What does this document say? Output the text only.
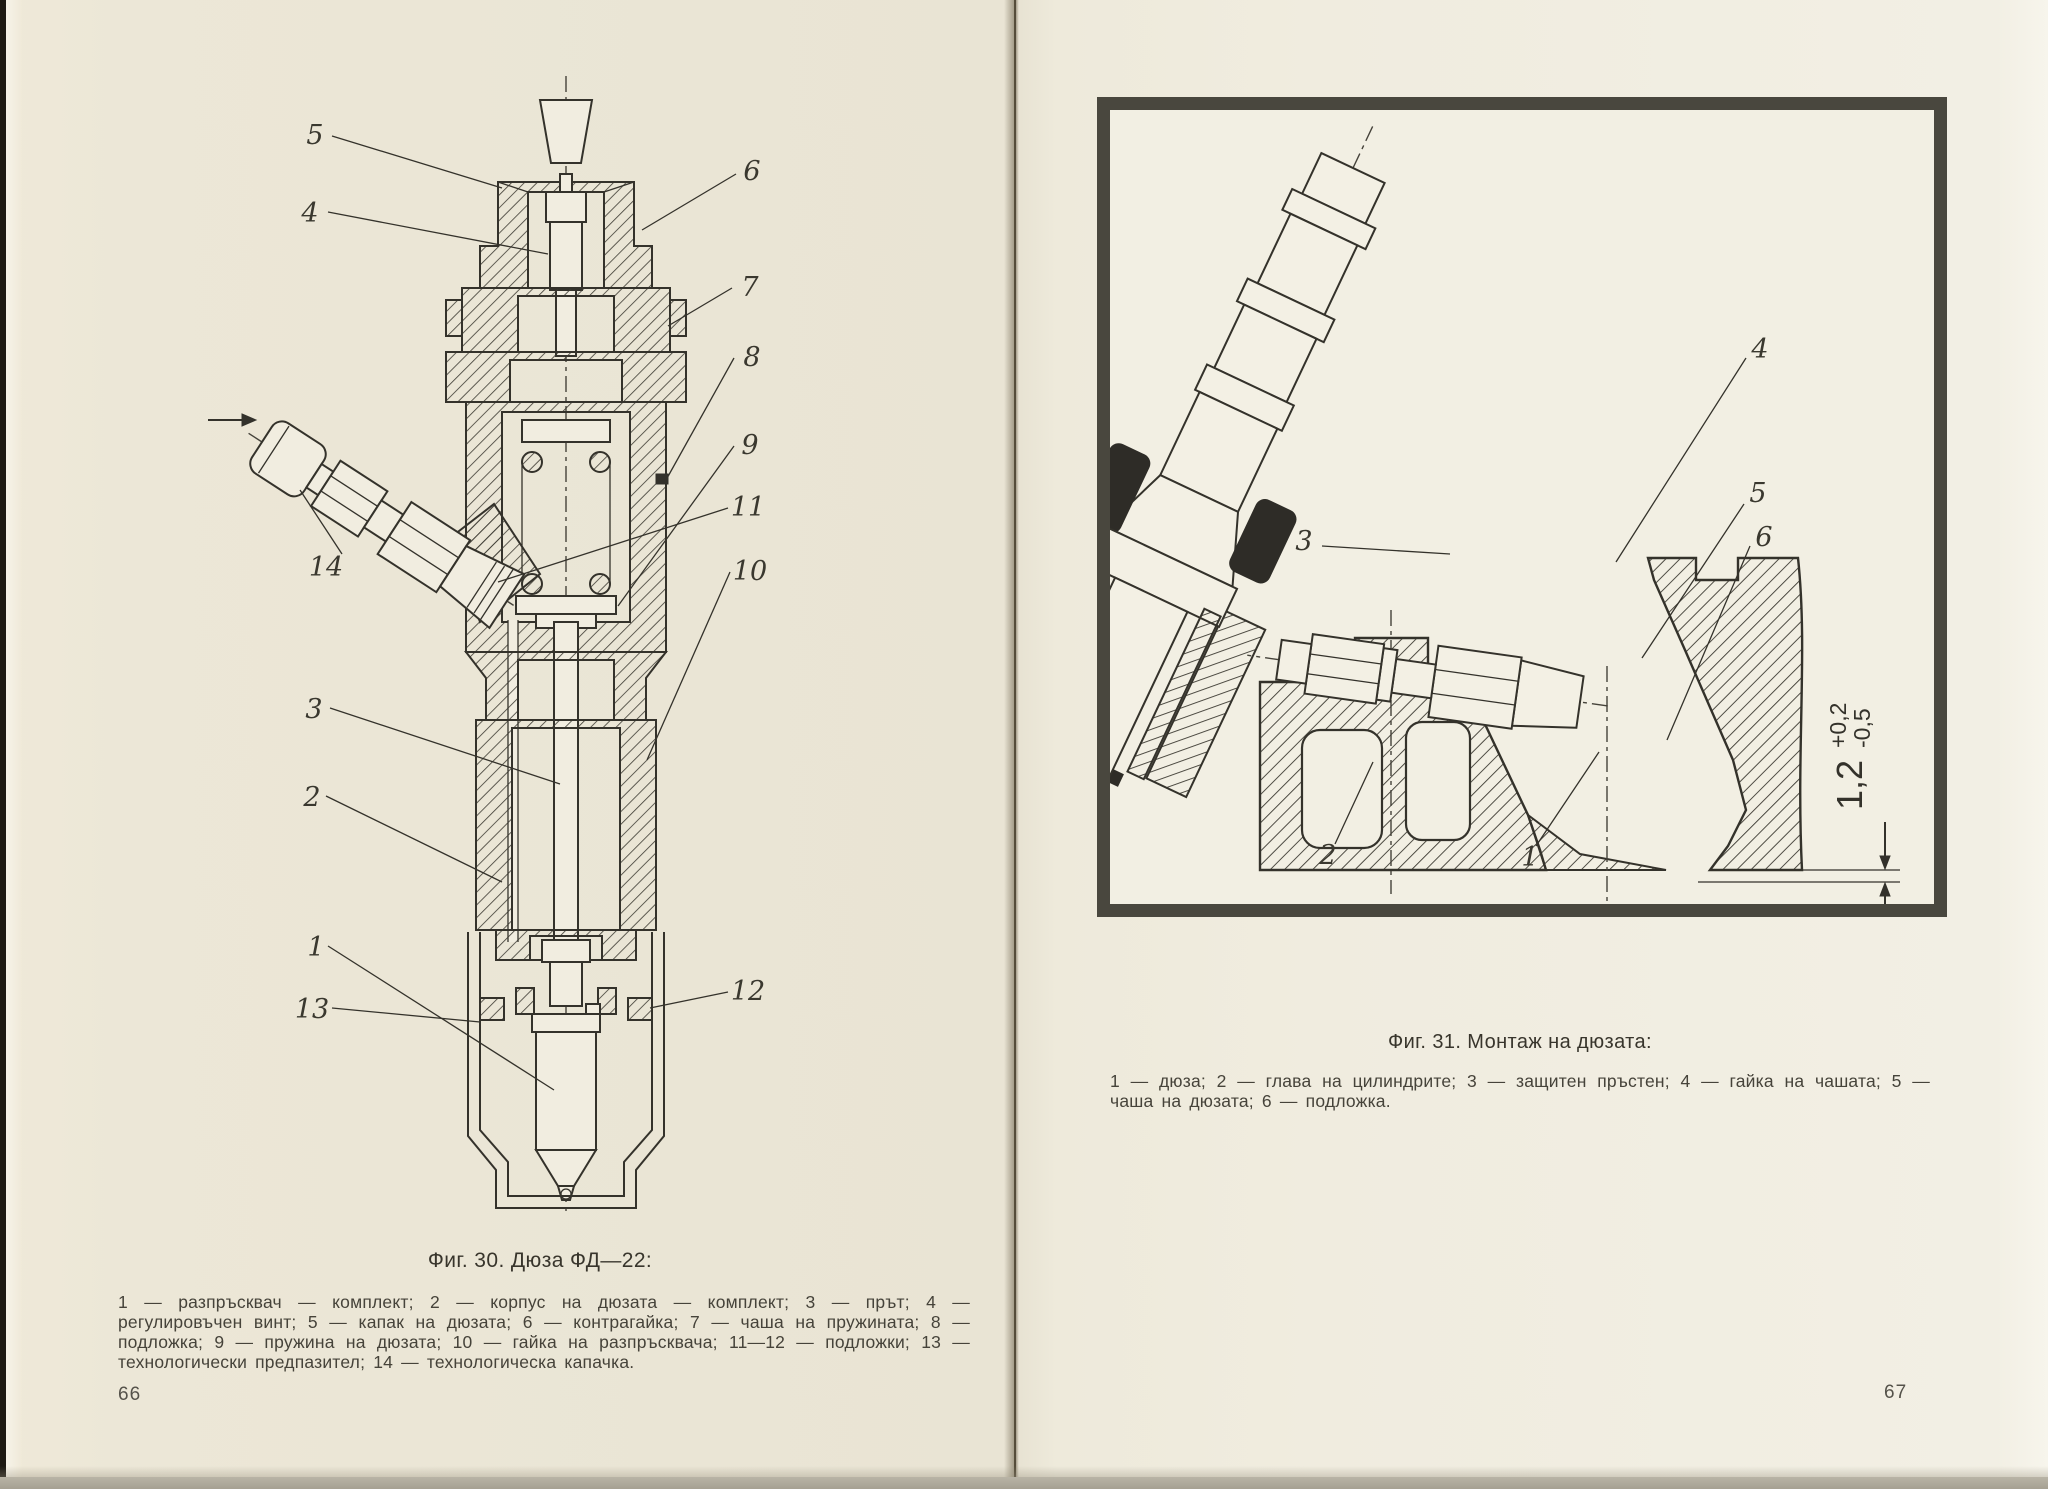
5
6
4
7
8
9
14
11
10
3
2
1
13
12
1,2
+0,2
-0,5
4
5
6
3
2	1
Фиг. 30. Дюза ФД—22:
1 — разпръсквач — комплект; 2 — корпус на дюзата — комплект; 3 — прът; 4 — регулировъчен винт; 5 — капак на дюзата; 6 — контрагайка; 7 — чаша на пружината; 8 — подложка; 9 — пружина на дюзата; 10 — гайка на разпръсквача; 11—12 — подложки; 13 — технологически предпазител; 14 — технологическа капачка.
66
Фиг. 31. Монтаж на дюзата:
1 — дюза; 2 — глава на цилиндрите; 3 — защитен пръстен; 4 — гайка на чашата; 5 — чаша на дюзата; 6 — подложка.
67
